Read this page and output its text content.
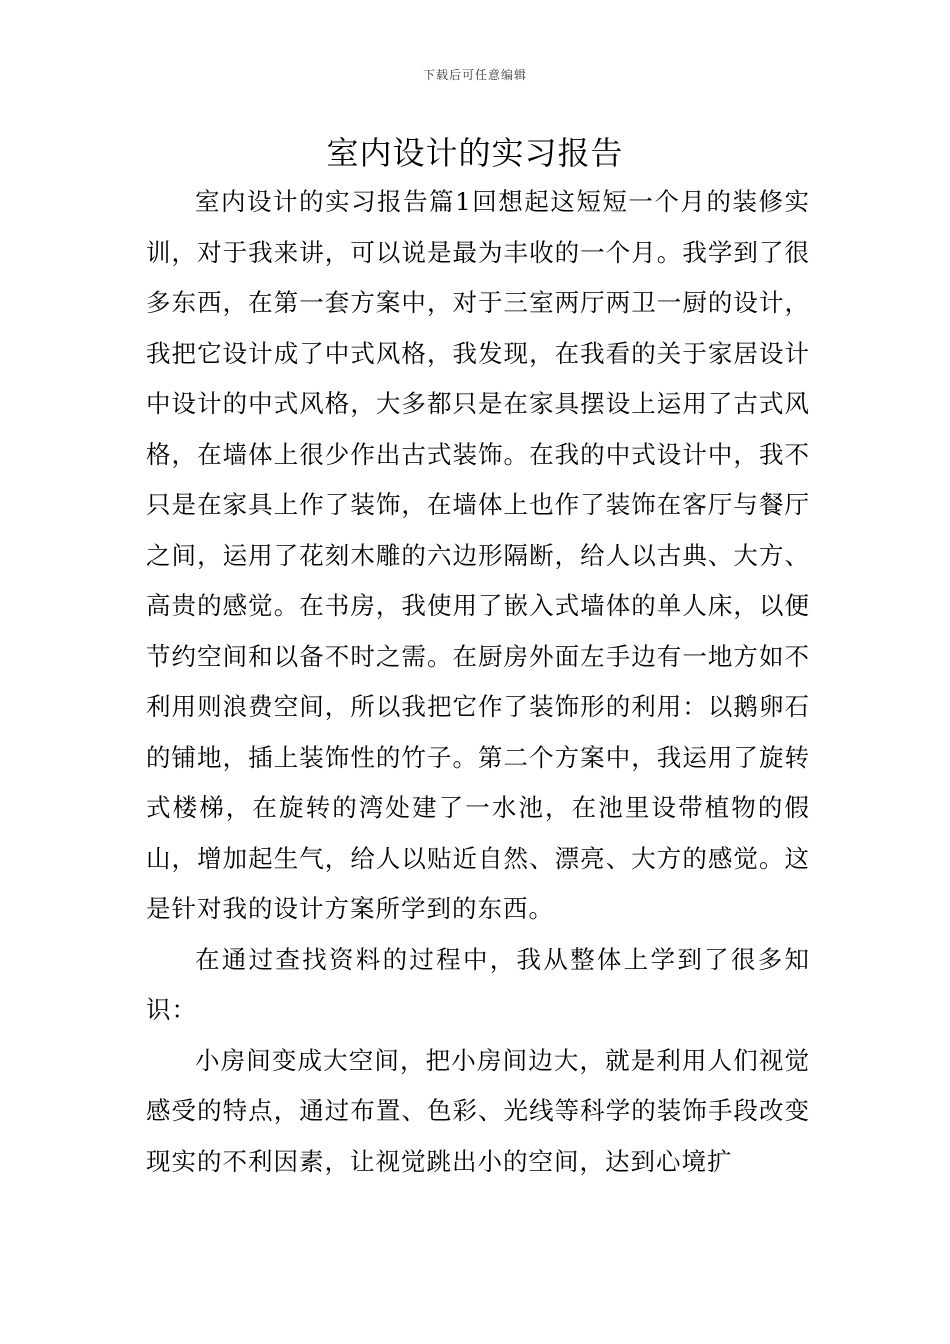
下载后可任意编辑
室内设计的实习报告

室内设计的实习报告篇1回想起这短短一个月的装修实训，对于我来讲，可以说是最为丰收的一个月。我学到了很多东西，在第一套方案中，对于三室两厅两卫一厨的设计，我把它设计成了中式风格，我发现，在我看的关于家居设计中设计的中式风格，大多都只是在家具摆设上运用了古式风格，在墙体上很少作出古式装饰。在我的中式设计中，我不只是在家具上作了装饰，在墙体上也作了装饰在客厅与餐厅之间，运用了花刻木雕的六边形隔断，给人以古典、大方、高贵的感觉。在书房，我使用了嵌入式墙体的单人床，以便节约空间和以备不时之需。在厨房外面左手边有一地方如不利用则浪费空间，所以我把它作了装饰形的利用：以鹅卵石的铺地，插上装饰性的竹子。第二个方案中，我运用了旋转式楼梯，在旋转的湾处建了一水池，在池里设带植物的假山，增加起生气，给人以贴近自然、漂亮、大方的感觉。这是针对我的设计方案所学到的东西。

在通过查找资料的过程中，我从整体上学到了很多知识：

小房间变成大空间，把小房间边大，就是利用人们视觉感受的特点，通过布置、色彩、光线等科学的装饰手段改变现实的不利因素，让视觉跳出小的空间，达到心境扩
